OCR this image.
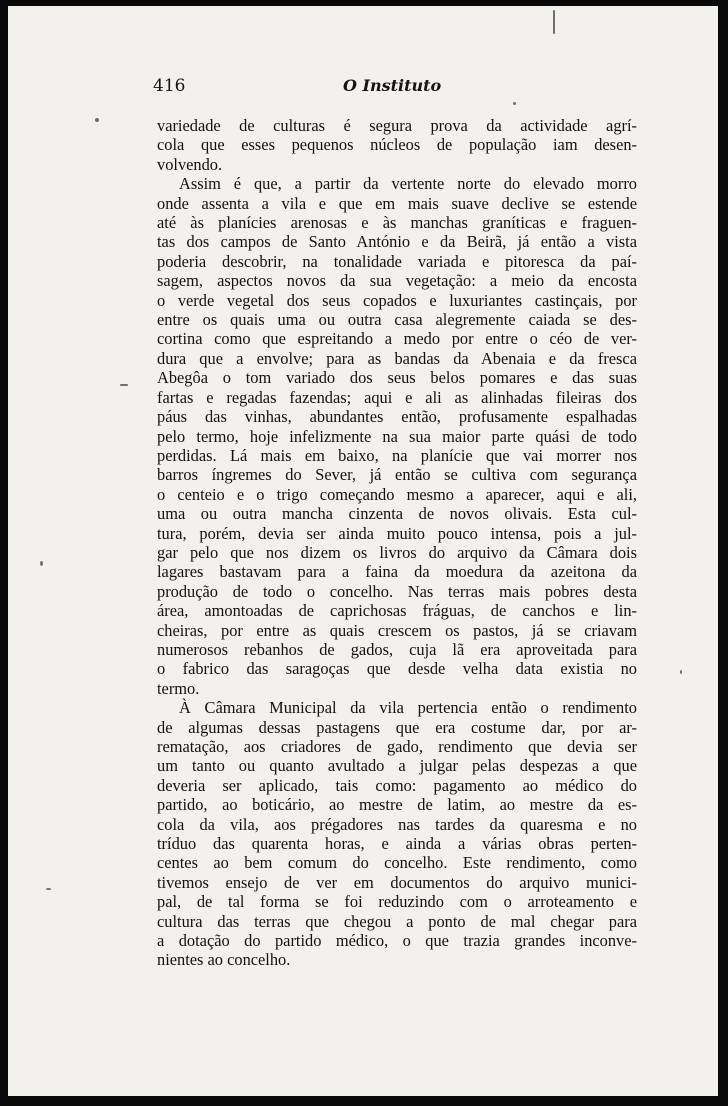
416	O Instituto
variedade de culturas é segura prova da actividade agrí-
cola que esses pequenos núcleos de população iam desen-
volvendo.
Assim é que, a partir da vertente norte do elevado morro
onde assenta a vila e que em mais suave declive se estende
até às planícies arenosas e às manchas graníticas e fraguen-
tas dos campos de Santo António e da Beirã, já então a vista
poderia descobrir, na tonalidade variada e pitoresca da paí-
sagem, aspectos novos da sua vegetação: a meio da encosta
o verde vegetal dos seus copados e luxuriantes castinçais, por
entre os quais uma ou outra casa alegremente caiada se des-
cortina como que espreitando a medo por entre o céo de ver-
dura que a envolve; para as bandas da Abenaia e da fresca
Abegôa o tom variado dos seus belos pomares e das suas
fartas e regadas fazendas; aqui e ali as alinhadas fileiras dos
páus das vinhas, abundantes então, profusamente espalhadas
pelo termo, hoje infelizmente na sua maior parte quási de todo
perdidas. Lá mais em baixo, na planície que vai morrer nos
barros íngremes do Sever, já então se cultiva com segurança
o centeio e o trigo começando mesmo a aparecer, aqui e ali,
uma ou outra mancha cinzenta de novos olivais. Esta cul-
tura, porém, devia ser ainda muito pouco intensa, pois a jul-
gar pelo que nos dizem os livros do arquivo da Câmara dois
lagares bastavam para a faina da moedura da azeitona da
produção de todo o concelho. Nas terras mais pobres desta
área, amontoadas de caprichosas fráguas, de canchos e lin-
cheiras, por entre as quais crescem os pastos, já se criavam
numerosos rebanhos de gados, cuja lã era aproveitada para
o fabrico das saragoças que desde velha data existia no
termo.
À Câmara Municipal da vila pertencia então o rendimento
de algumas dessas pastagens que era costume dar, por ar-
rematação, aos criadores de gado, rendimento que devia ser
um tanto ou quanto avultado a julgar pelas despezas a que
deveria ser aplicado, tais como: pagamento ao médico do
partido, ao boticário, ao mestre de latim, ao mestre da es-
cola da vila, aos prégadores nas tardes da quaresma e no
tríduo das quarenta horas, e ainda a várias obras perten-
centes ao bem comum do concelho. Este rendimento, como
tivemos ensejo de ver em documentos do arquivo munici-
pal, de tal forma se foi reduzindo com o arroteamento e
cultura das terras que chegou a ponto de mal chegar para
a dotação do partido médico, o que trazia grandes inconve-
nientes ao concelho.
